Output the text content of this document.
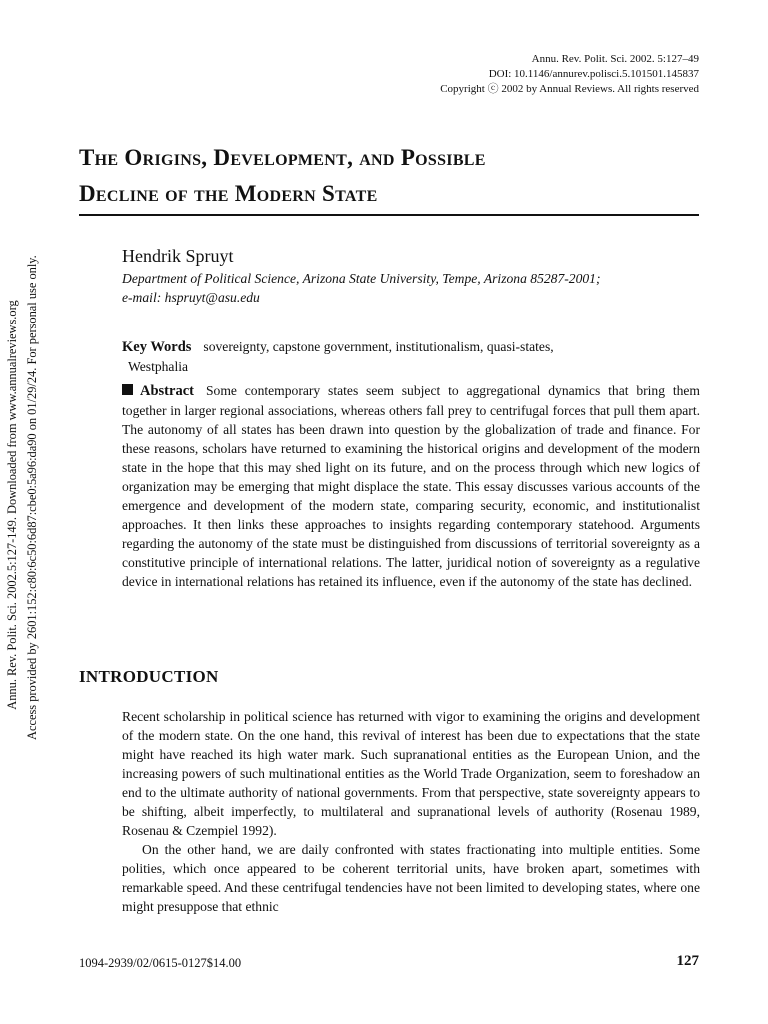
Annu. Rev. Polit. Sci. 2002. 5:127–49
DOI: 10.1146/annurev.polisci.5.101501.145837
Copyright ⓒ 2002 by Annual Reviews. All rights reserved
Annu. Rev. Polit. Sci. 2002.5:127-149. Downloaded from www.annualreviews.org Access provided by 2601:152:c80:6c50:6d87:cbe0:5a96:da90 on 01/29/24. For personal use only.
The Origins, Development, and Possible
Decline of the Modern State
Hendrik Spruyt
Department of Political Science, Arizona State University, Tempe, Arizona 85287-2001;
e-mail: hspruyt@asu.edu
Key Words sovereignty, capstone government, institutionalism, quasi-states,
Westphalia
Abstract Some contemporary states seem subject to aggregational dynamics that bring them together in larger regional associations, whereas others fall prey to centrifugal forces that pull them apart. The autonomy of all states has been drawn into question by the globalization of trade and finance. For these reasons, scholars have returned to examining the historical origins and development of the modern state in the hope that this may shed light on its future, and on the process through which new logics of organization may be emerging that might displace the state. This essay discusses various accounts of the emergence and development of the modern state, comparing security, economic, and institutionalist approaches. It then links these approaches to insights regarding contemporary statehood. Arguments regarding the autonomy of the state must be distinguished from discussions of territorial sovereignty as a constitutive principle of international relations. The latter, juridical notion of sovereignty as a regulative device in international relations has retained its influence, even if the autonomy of the state has declined.
INTRODUCTION

Recent scholarship in political science has returned with vigor to examining the origins and development of the modern state. On the one hand, this revival of interest has been due to expectations that the state might have reached its high water mark. Such supranational entities as the European Union, and the increasing powers of such multinational entities as the World Trade Organization, seem to foreshadow an end to the ultimate authority of national governments. From that perspective, state sovereignty appears to be shifting, albeit imperfectly, to multilateral and supranational levels of authority (Rosenau 1989, Rosenau & Czempiel 1992).

On the other hand, we are daily confronted with states fractionating into multiple entities. Some polities, which once appeared to be coherent territorial units, have broken apart, sometimes with remarkable speed. And these centrifugal tendencies have not been limited to developing states, where one might presuppose that ethnic

1094-2939/02/0615-0127$14.00	127
